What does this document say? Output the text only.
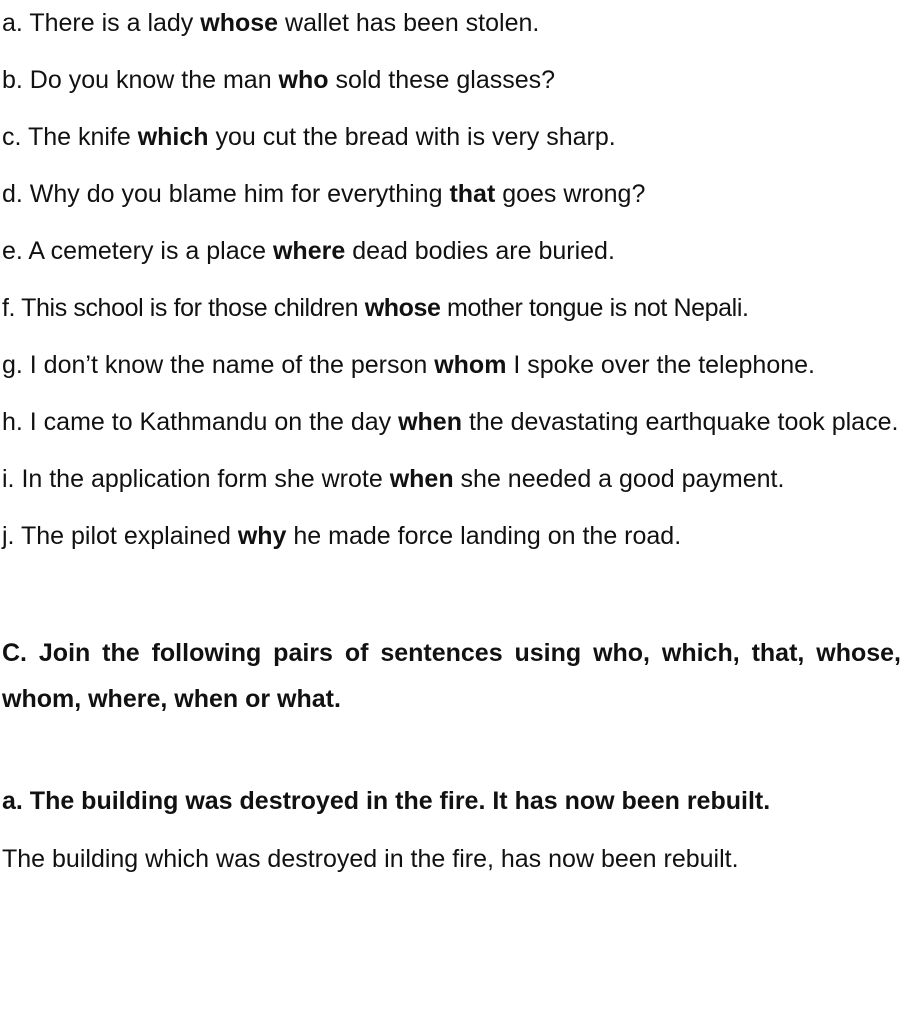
a. There is a lady whose wallet has been stolen.

b. Do you know the man who sold these glasses?

c. The knife which you cut the bread with is very sharp.

d. Why do you blame him for everything that goes wrong?

e. A cemetery is a place where dead bodies are buried.

f. This school is for those children whose mother tongue is not Nepali.

g. I don’t know the name of the person whom I spoke over the telephone.

h. I came to Kathmandu on the day when the devastating earthquake took place.

i. In the application form she wrote when she needed a good payment.

j. The pilot explained why he made force landing on the road.

C. Join the following pairs of sentences using who, which, that, whose, whom, where, when or what.

a. The building was destroyed in the fire. It has now been rebuilt.

The building which was destroyed in the fire, has now been rebuilt.
